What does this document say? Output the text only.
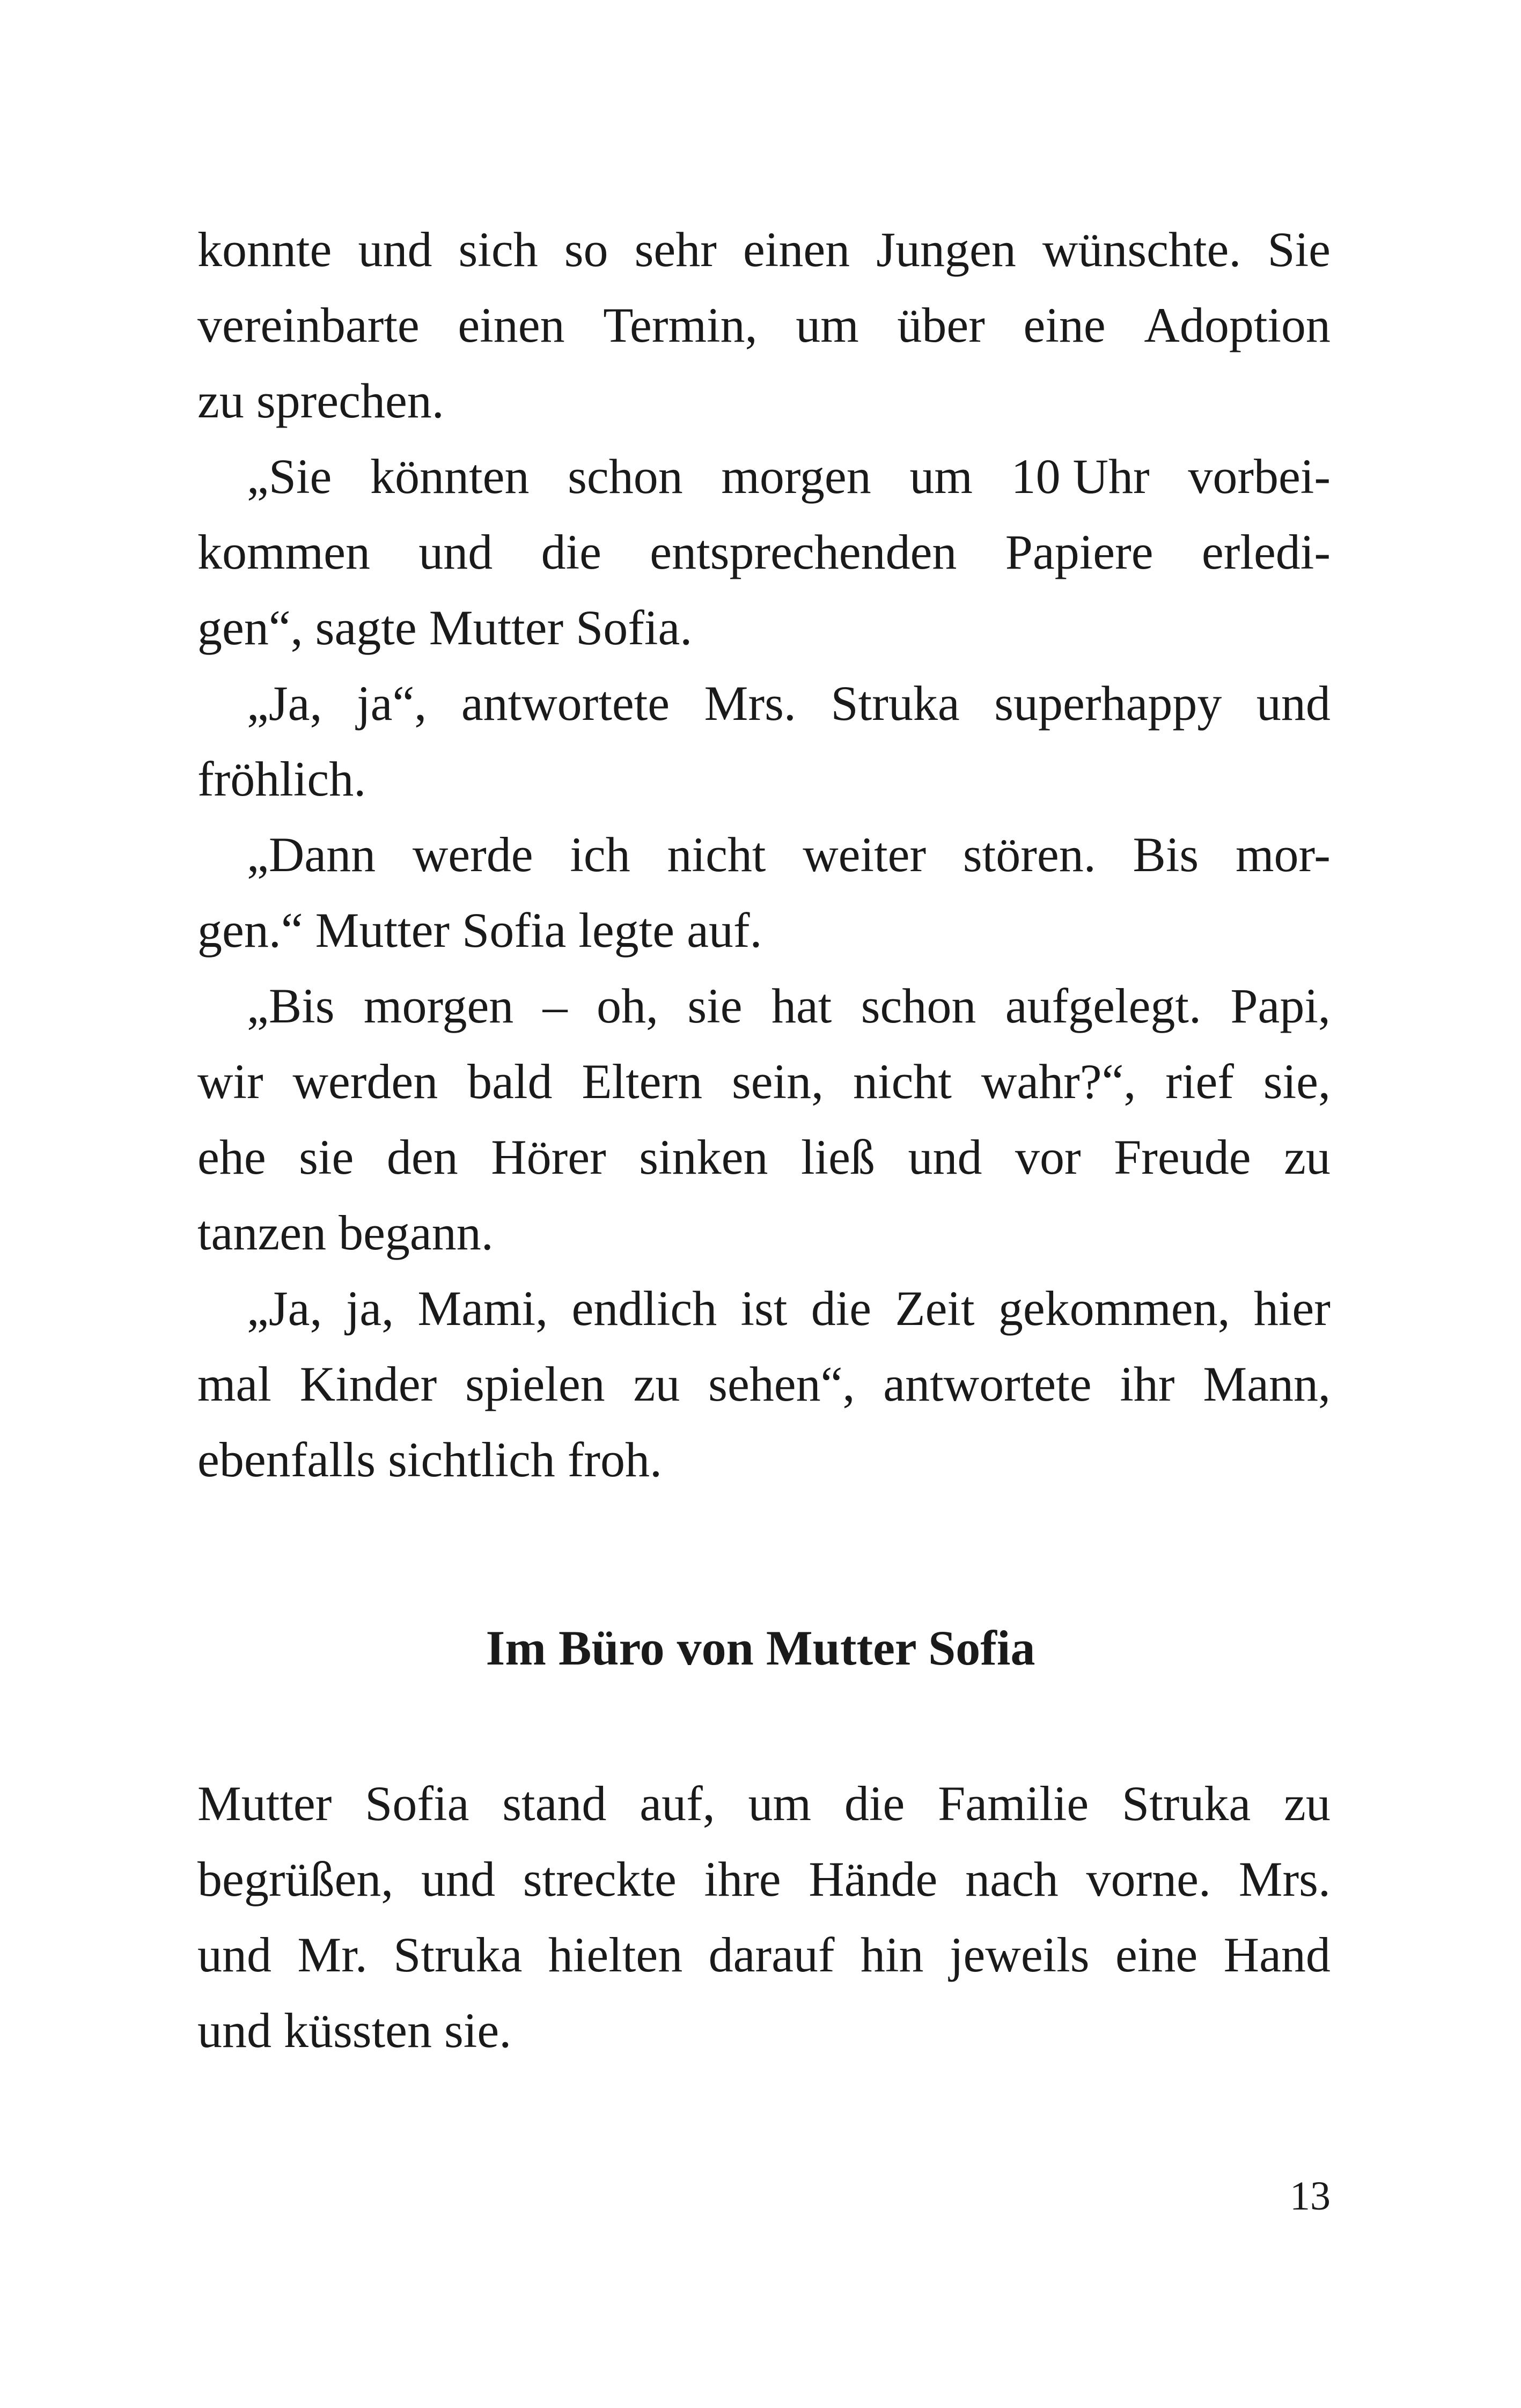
konnte und sich so sehr einen Jungen wünschte. Sie
vereinbarte einen Termin, um über eine Adoption
zu
sprechen.
„Sie könnten schon morgen um 10 Uhr vorbei-
kommen und die entsprechenden Papiere erledi-
gen“,
sagte
Mutter
Sofia.
„Ja, ja“, antwortete Mrs. Struka superhappy und
fröhlich.
„Dann werde ich nicht weiter stören. Bis mor-
gen.“
Mutter
Sofia
legte
auf.
„Bis morgen – oh, sie hat schon aufgelegt. Papi,
wir werden bald Eltern sein, nicht wahr?“, rief sie,
ehe sie den Hörer sinken ließ und vor Freude zu
tanzen
begann.
„Ja, ja, Mami, endlich ist die Zeit gekommen, hier
mal Kinder spielen zu sehen“, antwortete ihr Mann,
ebenfalls
sichtlich
froh.
Im Büro von Mutter Sofia
Mutter Sofia stand auf, um die Familie Struka zu
begrüßen, und streckte ihre Hände nach vorne. Mrs.
und Mr. Struka hielten darauf hin jeweils eine Hand
und
küssten
sie.
13
